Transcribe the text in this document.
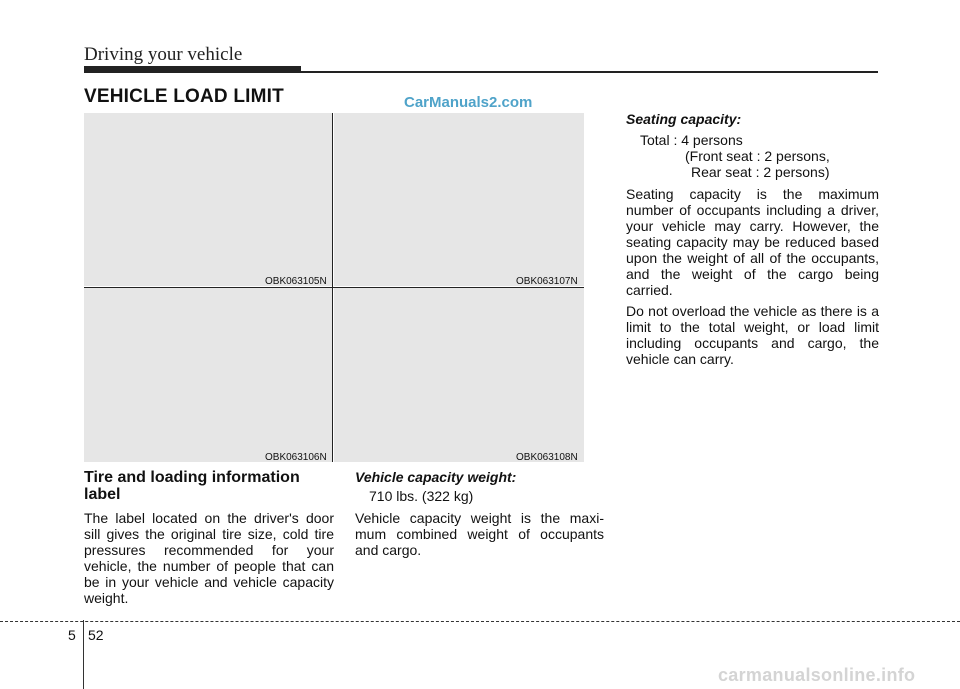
Driving your vehicle
VEHICLE LOAD LIMIT	CarManuals2.com
OBK063105N	OBK063107N
OBK063106N	OBK063108N
Tire and loading information label

The label located on the driver's door sill gives the original tire size, cold tire pressures recommended for your vehicle, the number of people that can be in your vehicle and vehicle capacity weight.

Vehicle capacity weight:
710 lbs. (322 kg)

Vehicle capacity weight is the maxi-mum combined weight of occupants and cargo.

Seating capacity:
Total : 4 persons
(Front seat : 2 persons,
Rear seat : 2 persons)

Seating capacity is the maximum number of occupants including a driver, your vehicle may carry. However, the seating capacity may be reduced based upon the weight of all of the occupants, and the weight of the cargo being carried.

Do not overload the vehicle as there is a limit to the total weight, or load limit including occupants and cargo, the vehicle can carry.

5 52
carmanualsonline.info
